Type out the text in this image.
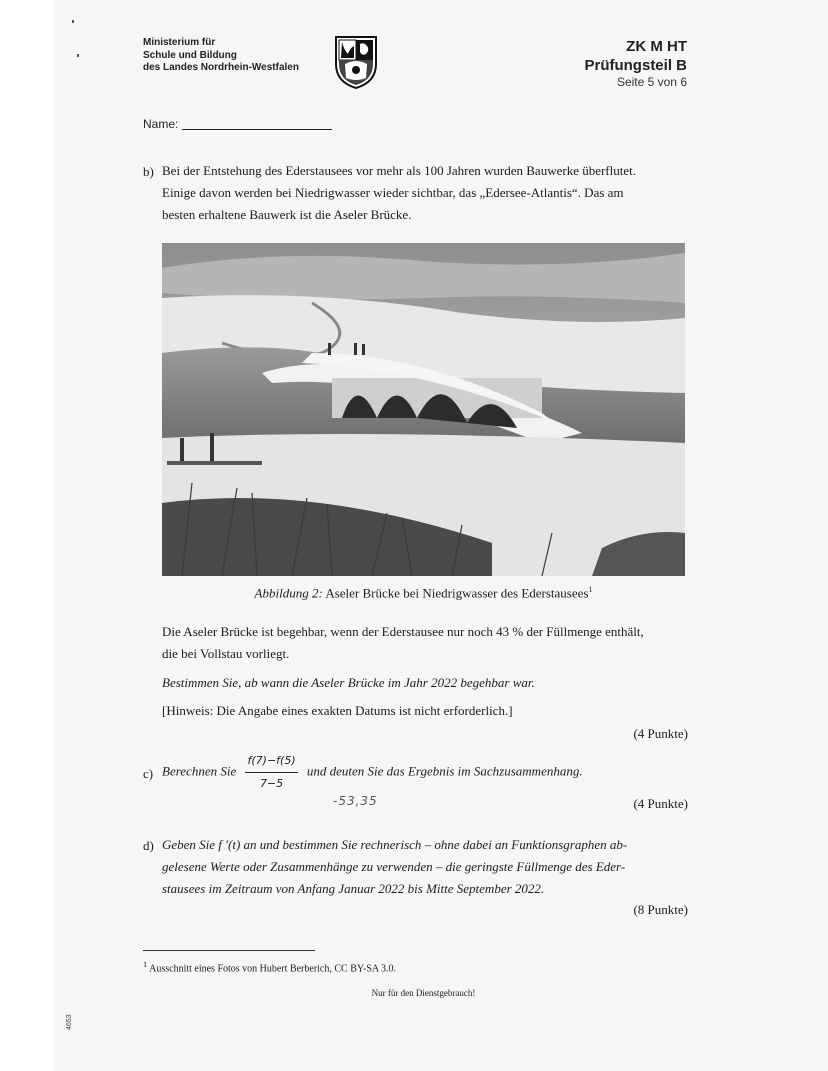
Ministerium für
Schule und Bildung
des Landes Nordrhein-Westfalen
ZK M HT
Prüfungsteil B
Seite 5 von 6
Name:
b) Bei der Entstehung des Ederstausees vor mehr als 100 Jahren wurden Bauwerke überflutet.
Einige davon werden bei Niedrigwasser wieder sichtbar, das „Edersee-Atlantis“. Das am
besten erhaltene Bauwerk ist die Aseler Brücke.
Abbildung 2: Aseler Brücke bei Niedrigwasser des Ederstausees$^1$
Die Aseler Brücke ist begehbar, wenn der Ederstausee nur noch 43 % der Füllmenge enthält,
die bei Vollstau vorliegt.
Bestimmen Sie, ab wann die Aseler Brücke im Jahr 2022 begehbar war.
[Hinweis: Die Angabe eines exakten Datums ist nicht erforderlich.]
(4 Punkte)
c) Berechnen Sie $\frac{f(7)-f(5)}{7-5}$ und deuten Sie das Ergebnis im Sachzusammenhang.
-53,35	(4 Punkte)
d) Geben Sie f ′(t) an und bestimmen Sie rechnerisch – ohne dabei an Funktionsgraphen ab-
gelesene Werte oder Zusammenhänge zu verwenden – die geringste Füllmenge des Eder-
stausees im Zeitraum von Anfang Januar 2022 bis Mitte September 2022.
(8 Punkte)
$^1$ Ausschnitt eines Fotos von Hubert Berberich, CC BY-SA 3.0.
Nur für den Dienstgebrauch!
4653
